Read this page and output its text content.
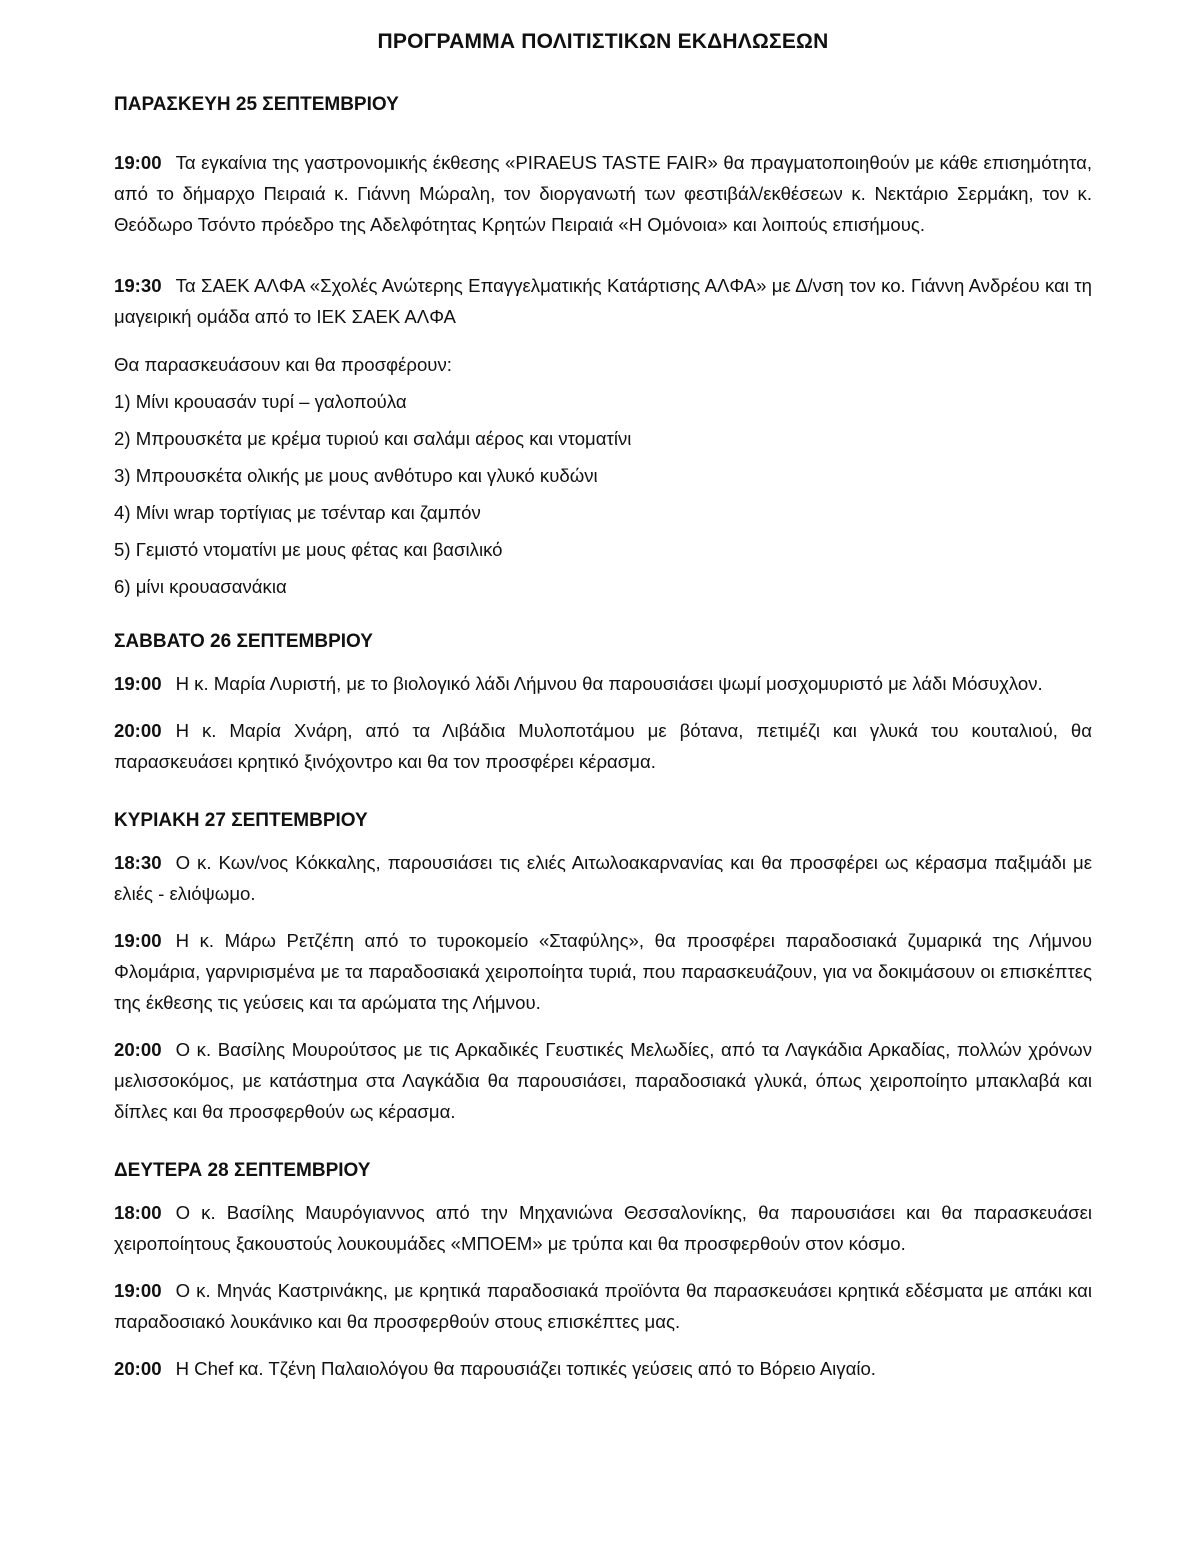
ΠΡΟΓΡΑΜΜΑ ΠΟΛΙΤΙΣΤΙΚΩΝ ΕΚΔΗΛΩΣΕΩΝ
ΠΑΡΑΣΚΕΥΗ 25 ΣΕΠΤΕΜΒΡΙΟΥ

19:00 Τα εγκαίνια της γαστρονομικής έκθεσης «PIRAEUS TASTE FAIR» θα πραγματοποιηθούν με κάθε επισημότητα, από το δήμαρχο Πειραιά κ. Γιάννη Μώραλη, τον διοργανωτή των φεστιβάλ/εκθέσεων κ. Νεκτάριο Σερμάκη, τον κ. Θεόδωρο Τσόντο πρόεδρο της Αδελφότητας Κρητών Πειραιά «Η Ομόνοια» και λοιπούς επισήμους.

19:30 Τα ΣΑΕΚ ΑΛΦΑ «Σχολές Ανώτερης Επαγγελματικής Κατάρτισης ΑΛΦΑ» με Δ/νση τον κο. Γιάννη Ανδρέου και τη μαγειρική ομάδα από το ΙΕΚ ΣΑΕΚ ΑΛΦΑ

Θα παρασκευάσουν και θα προσφέρουν:

1) Μίνι κρουασάν τυρί – γαλοπούλα

2) Μπρουσκέτα με κρέμα τυριού και σαλάμι αέρος και ντοματίνι

3) Μπρουσκέτα ολικής με μους ανθότυρο και γλυκό κυδώνι

4) Μίνι wrap τορτίγιας με τσένταρ και ζαμπόν

5) Γεμιστό ντοματίνι με μους φέτας και βασιλικό

6) μίνι κρουασανάκια

ΣΑΒΒΑΤΟ 26 ΣΕΠΤΕΜΒΡΙΟΥ

19:00 Η κ. Μαρία Λυριστή, με το βιολογικό λάδι Λήμνου θα παρουσιάσει ψωμί μοσχομυριστό με λάδι Μόσυχλον.

20:00 Η κ. Μαρία Χνάρη, από τα Λιβάδια Μυλοποτάμου με βότανα, πετιμέζι και γλυκά του κουταλιού, θα παρασκευάσει κρητικό ξινόχοντρο και θα τον προσφέρει κέρασμα.

ΚΥΡΙΑΚΗ 27 ΣΕΠΤΕΜΒΡΙΟΥ

18:30 Ο κ. Κων/νος Κόκκαλης, παρουσιάσει τις ελιές Αιτωλοακαρνανίας και θα προσφέρει ως κέρασμα παξιμάδι με ελιές - ελιόψωμο.

19:00 Η κ. Μάρω Ρετζέπη από το τυροκομείο «Σταφύλης», θα προσφέρει παραδοσιακά ζυμαρικά της Λήμνου Φλομάρια, γαρνιρισμένα με τα παραδοσιακά χειροποίητα τυριά, που παρασκευάζουν, για να δοκιμάσουν οι επισκέπτες της έκθεσης τις γεύσεις και τα αρώματα της Λήμνου.

20:00 Ο κ. Βασίλης Μουρούτσος με τις Αρκαδικές Γευστικές Μελωδίες, από τα Λαγκάδια Αρκαδίας, πολλών χρόνων μελισσοκόμος, με κατάστημα στα Λαγκάδια θα παρουσιάσει, παραδοσιακά γλυκά, όπως χειροποίητο μπακλαβά και δίπλες και θα προσφερθούν ως κέρασμα.

ΔΕΥΤΕΡΑ 28 ΣΕΠΤΕΜΒΡΙΟΥ

18:00 Ο κ. Βασίλης Μαυρόγιαννος από την Μηχανιώνα Θεσσαλονίκης, θα παρουσιάσει και θα παρασκευάσει χειροποίητους ξακουστούς λουκουμάδες «ΜΠΟΕΜ» με τρύπα και θα προσφερθούν στον κόσμο.

19:00 Ο κ. Μηνάς Καστρινάκης, με κρητικά παραδοσιακά προϊόντα θα παρασκευάσει κρητικά εδέσματα με απάκι και παραδοσιακό λουκάνικο και θα προσφερθούν στους επισκέπτες μας.

20:00 Η Chef κα. Τζένη Παλαιολόγου θα παρουσιάζει τοπικές γεύσεις από το Βόρειο Αιγαίο.
